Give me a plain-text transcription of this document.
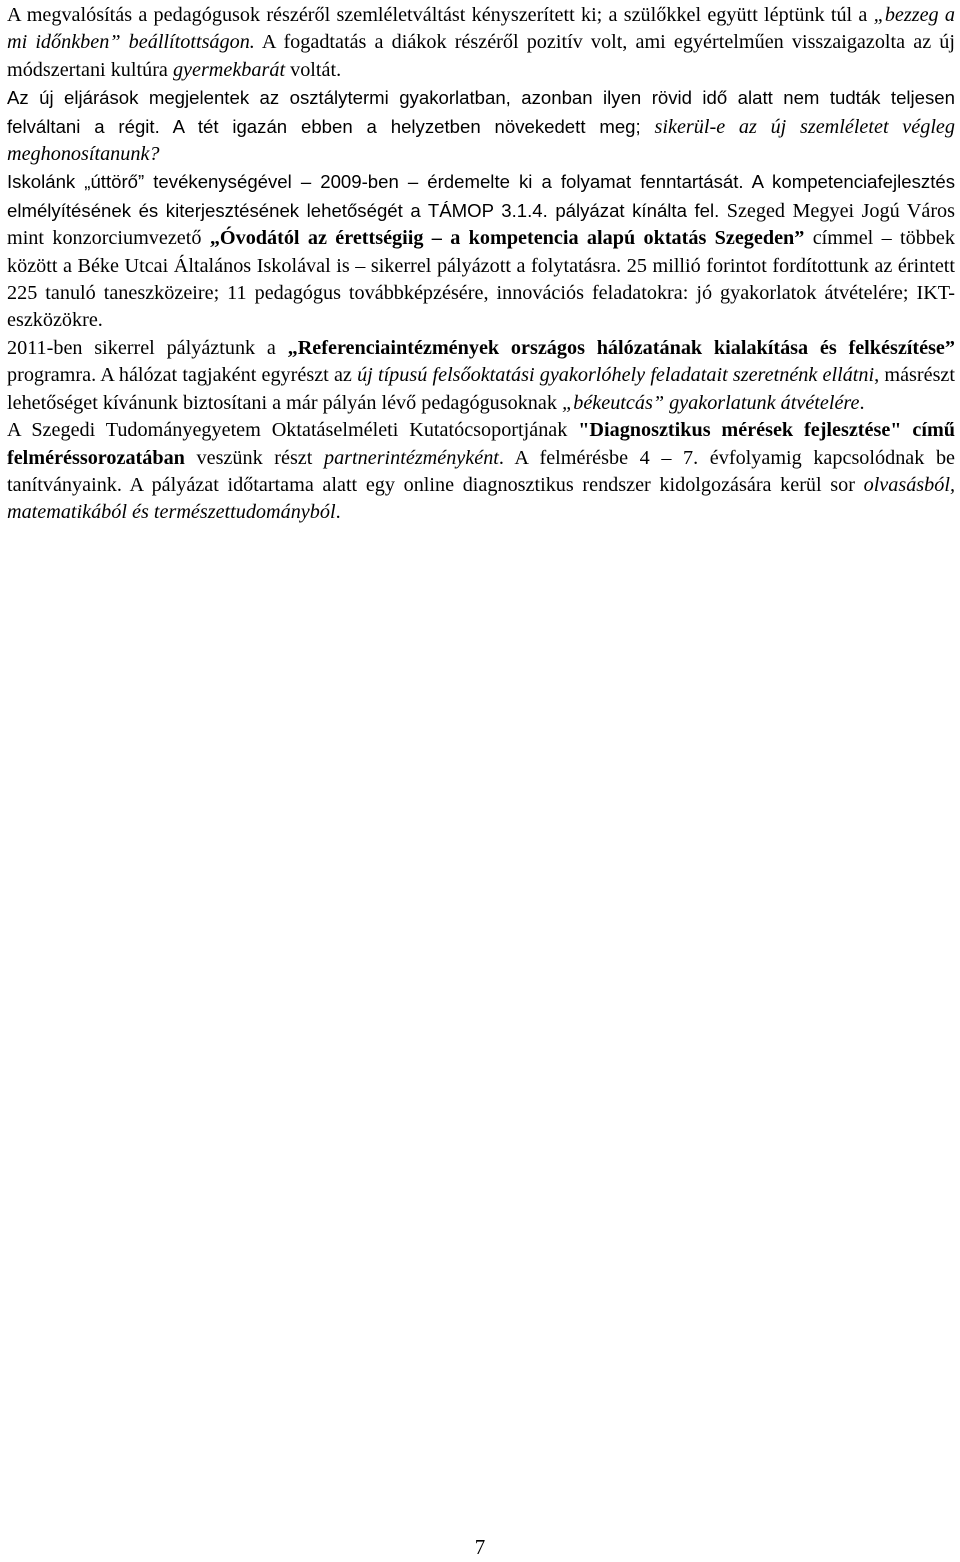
A megvalósítás a pedagógusok részéről szemléletváltást kényszerített ki; a szülőkkel együtt léptünk túl a „bezzeg a mi időnkben” beállítottságon. A fogadtatás a diákok részéről pozitív volt, ami egyértelműen visszaigazolta az új módszertani kultúra gyermekbarát voltát.

Az új eljárások megjelentek az osztálytermi gyakorlatban, azonban ilyen rövid idő alatt nem tudták teljesen felváltani a régit. A tét igazán ebben a helyzetben növekedett meg; sikerül-e az új szemléletet végleg meghonosítanunk?

Iskolánk „úttörő” tevékenységével – 2009-ben – érdemelte ki a folyamat fenntartását. A kompetenciafejlesztés elmélyítésének és kiterjesztésének lehetőségét a TÁMOP 3.1.4. pályázat kínálta fel. Szeged Megyei Jogú Város mint konzorciumvezető „Óvodától az érettségiig – a kompetencia alapú oktatás Szegeden” címmel – többek között a Béke Utcai Általános Iskolával is – sikerrel pályázott a folytatásra. 25 millió forintot fordítottunk az érintett 225 tanuló taneszközeire; 11 pedagógus továbbképzésére, innovációs feladatokra: jó gyakorlatok átvételére; IKT-eszközökre.

2011-ben sikerrel pályáztunk a „Referenciaintézmények országos hálózatának kialakítása és felkészítése” programra. A hálózat tagjaként egyrészt az új típusú felsőoktatási gyakorlóhely feladatait szeretnénk ellátni, másrészt lehetőséget kívánunk biztosítani a már pályán lévő pedagógusoknak „békeutcás” gyakorlatunk átvételére.

A Szegedi Tudományegyetem Oktatáselméleti Kutatócsoportjának "Diagnosztikus mérések fejlesztése" című felméréssorozatában veszünk részt partnerintézményként. A felmérésbe 4 – 7. évfolyamig kapcsolódnak be tanítványaink. A pályázat időtartama alatt egy online diagnosztikus rendszer kidolgozására kerül sor olvasásból, matematikából és természettudományból.

7
